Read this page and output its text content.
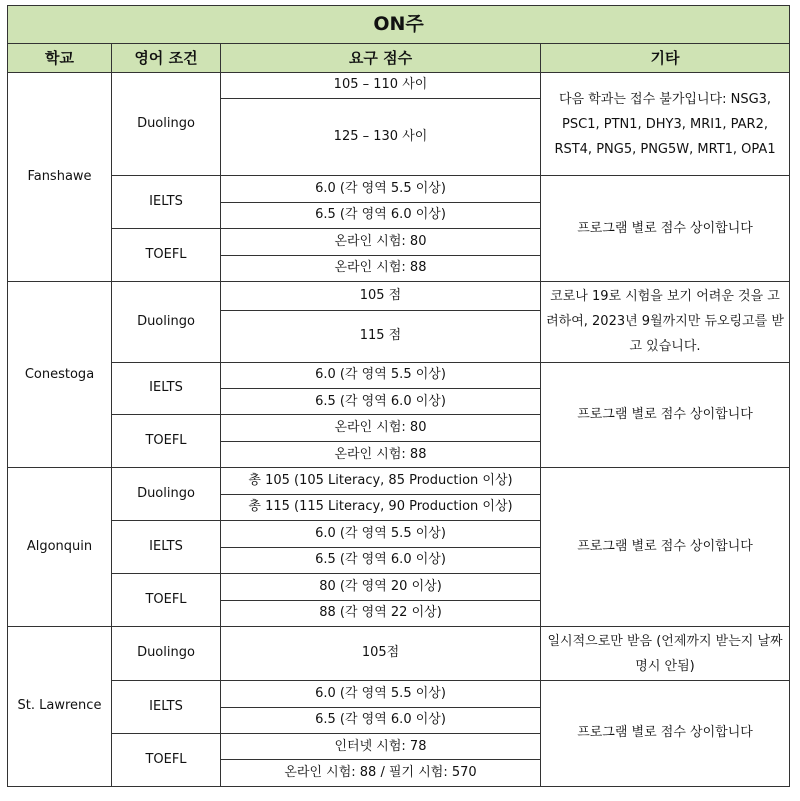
ON주			
학교	영어 조건	요구 점수	기타
Fanshawe	Duolingo	105 – 110 사이	다음 학과는 접수 불가입니다: NSG3, PSC1, PTN1, DHY3, MRI1, PAR2, RST4, PNG5, PNG5W, MRT1, OPA1
		125 – 130 사이	
	IELTS	6.0 (각 영역 5.5 이상)	프로그램 별로 점수 상이합니다
		6.5 (각 영역 6.0 이상)	
	TOEFL	온라인 시험: 80	
		온라인 시험: 88	
Conestoga	Duolingo	105 점	코로나 19로 시험을 보기 어려운 것을 고려하여, 2023년 9월까지만 듀오링고를 받고 있습니다.
		115 점	
	IELTS	6.0 (각 영역 5.5 이상)	프로그램 별로 점수 상이합니다
		6.5 (각 영역 6.0 이상)	
	TOEFL	온라인 시험: 80	
		온라인 시험: 88	
Algonquin	Duolingo	총 105 (105 Literacy, 85 Production 이상)	프로그램 별로 점수 상이합니다
		총 115 (115 Literacy, 90 Production 이상)	
	IELTS	6.0 (각 영역 5.5 이상)	
		6.5 (각 영역 6.0 이상)	
	TOEFL	80 (각 영역 20 이상)	
		88 (각 영역 22 이상)	
St. Lawrence	Duolingo	105점	일시적으로만 받음 (언제까지 받는지 날짜 명시 안됨)
	IELTS	6.0 (각 영역 5.5 이상)	프로그램 별로 점수 상이합니다
		6.5 (각 영역 6.0 이상)	
	TOEFL	인터넷 시험: 78	
		온라인 시험: 88 / 필기 시험: 570	
